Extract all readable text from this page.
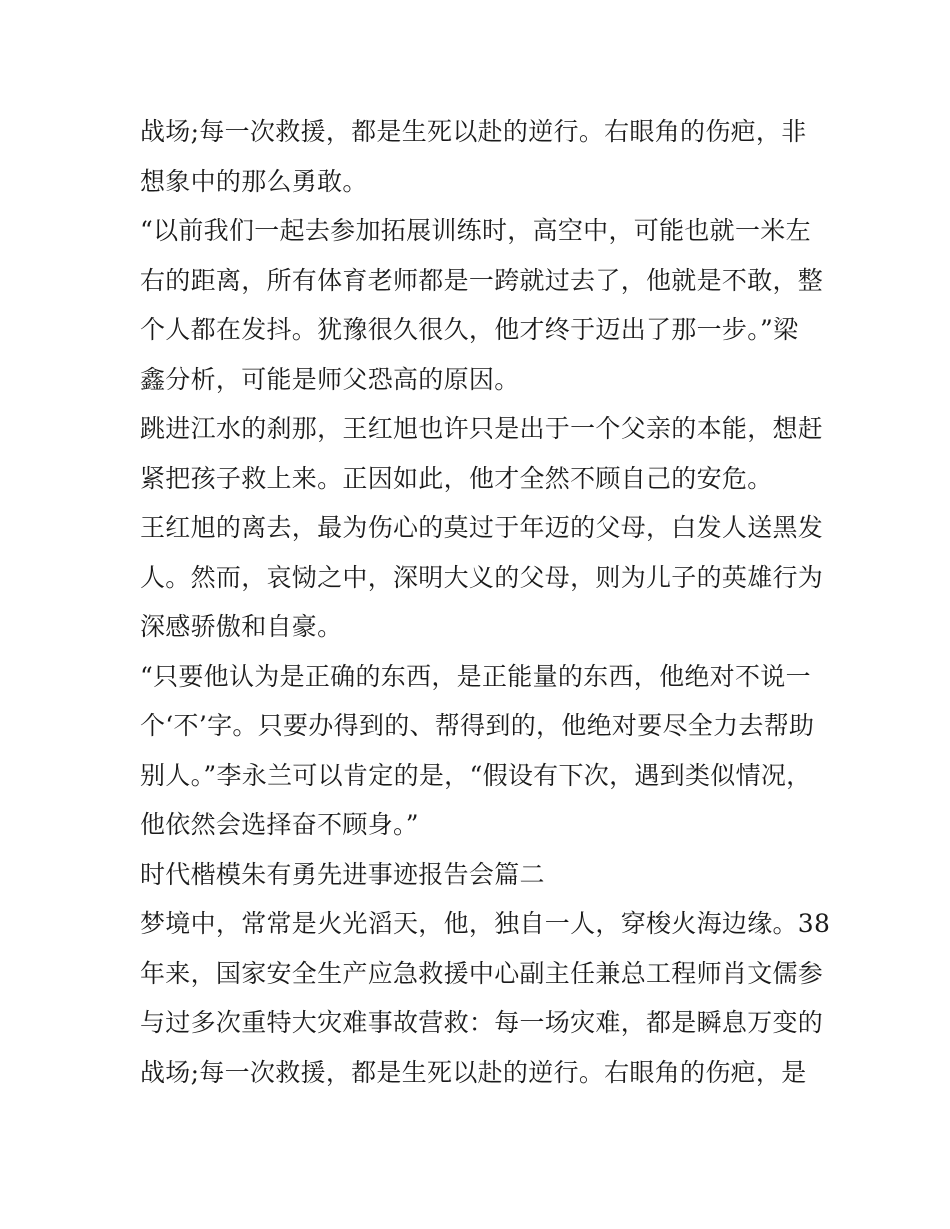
战场;每一次救援，都是生死以赴的逆行。右眼角的伤疤，非
想象中的那么勇敢。
“以前我们一起去参加拓展训练时，高空中，可能也就一米左
右的距离，所有体育老师都是一跨就过去了，他就是不敢，整
个人都在发抖。犹豫很久很久，他才终于迈出了那一步。”梁
鑫分析，可能是师父恐高的原因。
跳进江水的刹那，王红旭也许只是出于一个父亲的本能，想赶
紧把孩子救上来。正因如此，他才全然不顾自己的安危。
王红旭的离去，最为伤心的莫过于年迈的父母，白发人送黑发
人。然而，哀恸之中，深明大义的父母，则为儿子的英雄行为
深感骄傲和自豪。
“只要他认为是正确的东西，是正能量的东西，他绝对不说一
个‘不’字。只要办得到的、帮得到的，他绝对要尽全力去帮助
别人。”李永兰可以肯定的是，“假设有下次，遇到类似情况，
他依然会选择奋不顾身。”
时代楷模朱有勇先进事迹报告会篇二
梦境中，常常是火光滔天，他，独自一人，穿梭火海边缘。38
年来，国家安全生产应急救援中心副主任兼总工程师肖文儒参
与过多次重特大灾难事故营救：每一场灾难，都是瞬息万变的
战场;每一次救援，都是生死以赴的逆行。右眼角的伤疤，是
